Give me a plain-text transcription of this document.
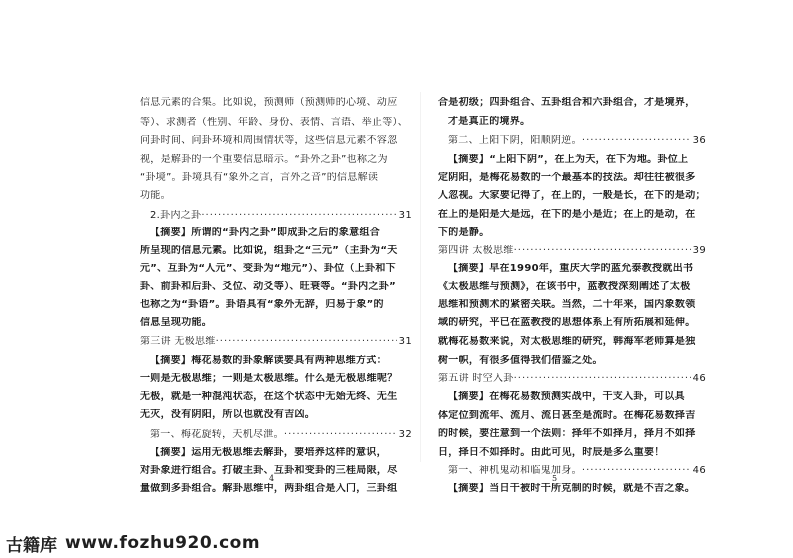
信息元素的合集。比如说，预测师（预测师的心境、动应
等）、求测者（性别、年龄、身份、表情、言语、举止等）、
问卦时间、问卦环境和周围情状等，这些信息元素不容忽
视，是解卦的一个重要信息暗示。“卦外之卦”也称之为
“卦境”。卦境具有“象外之言，言外之音”的信息解读
功能。
2.卦内之卦 ·····	31
【摘要】所谓的“卦内之卦”即成卦之后的象意组合
所呈现的信息元素。比如说，组卦之“三元”（主卦为“天
元”、互卦为“人元”、变卦为“地元”）、卦位（上卦和下
卦、前卦和后卦、爻位、动爻等）、旺衰等。“卦内之卦”
也称之为“卦语”。卦语具有“象外无辞，归易于象”的
信息呈现功能。
第三讲 无极思维 ·····	31
【摘要】梅花易数的卦象解读要具有两种思维方式：
一则是无极思维；一则是太极思维。什么是无极思维呢？
无极，就是一种混沌状态，在这个状态中无始无终、无生
无灭，没有阴阳，所以也就没有吉凶。
第一、梅花旋转，天机尽泄。 ·····	32
【摘要】运用无极思维去解卦，要培养这样的意识，
对卦象进行组合。打破主卦、互卦和变卦的三桂局限，尽
量做到多卦组合。解卦思维中，两卦组合是入门，三卦组
合是初级；四卦组合、五卦组合和六卦组合，才是境界，
才是真正的境界。
第二、上阳下阴，阳顺阴逆。 ·····	36
【摘要】“上阳下阴”，在上为天，在下为地。卦位上
定阴阳，是梅花易数的一个最基本的技法。却往往被很多
人忽视。大家要记得了，在上的，一般是长，在下的是动；
在上的是阳是大是远，在下的是小是近；在上的是动，在
下的是静。
第四讲 太极思维 ·····	39
【摘要】早在1990年，重庆大学的蓝允泰教授就出书
《太极思维与预测》，在该书中，蓝教授深刻阐述了太极
思维和预测术的紧密关联。当然，二十年来，国内象数领
域的研究，平已在蓝教授的思想体系上有所拓展和延伸。
就梅花易数来说，对太极思维的研究，韩海军老师算是独
树一帜，有很多值得我们借鉴之处。
第五讲 时空入卦 ·····	46
【摘要】在梅花易数预测实战中，干支入卦，可以具
体定位到流年、流月、流日甚至是流时。在梅花易数择吉
的时候，要注意到一个法则：择年不如择月，择月不如择
日，择日不如择时。由此可见，时辰是多么重要！
第一、神机鬼动和临鬼加身。 ·····	46
【摘要】当日干被时干所克制的时候，就是不吉之象。
4	5
古籍库 www.fozhu920.com
